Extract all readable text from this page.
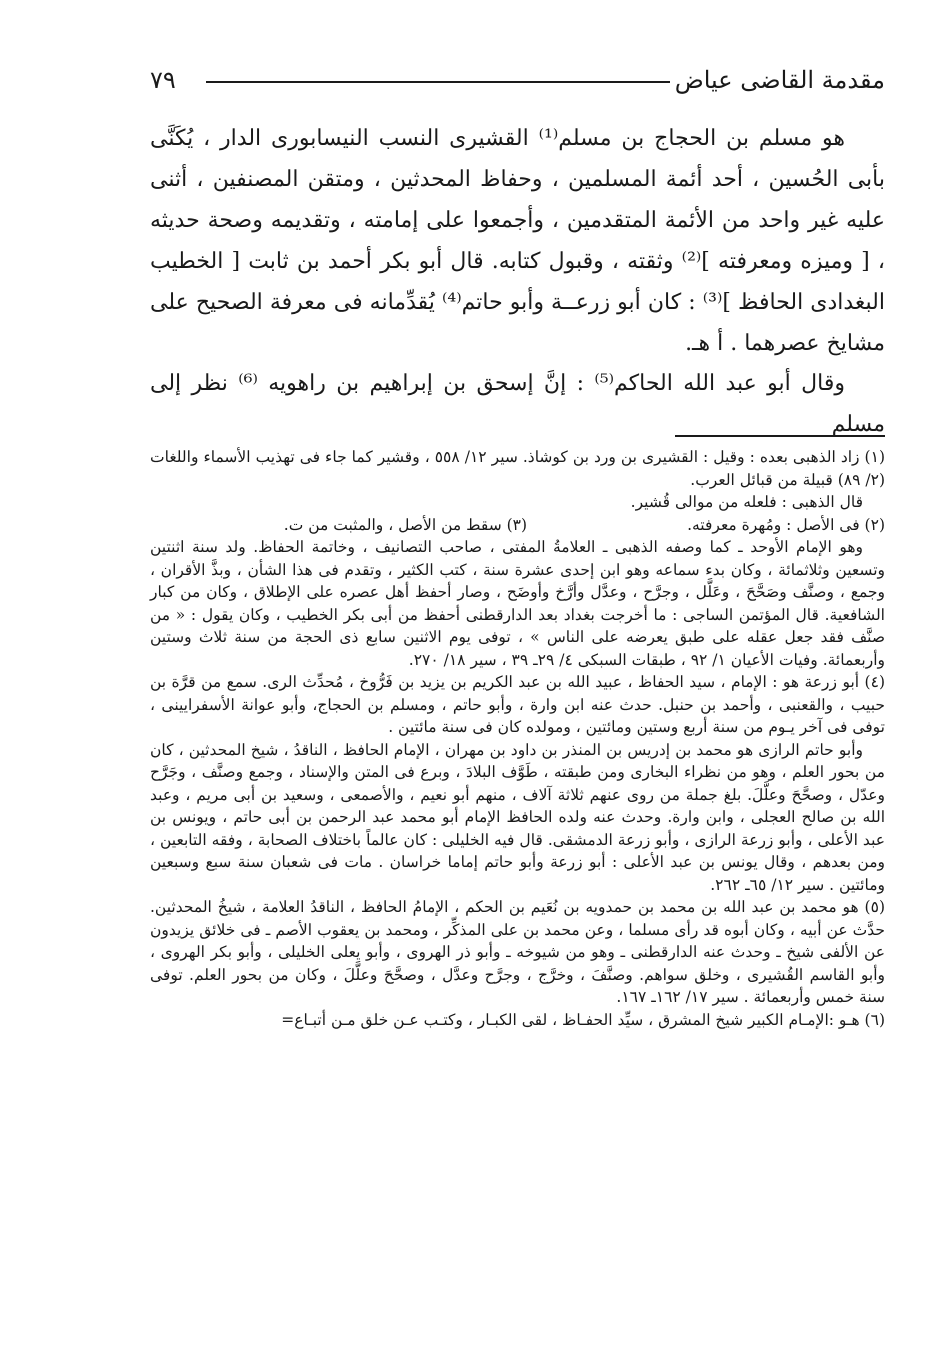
٧٩	مقدمة القاضى عياض

هو مسلم بن الحجاج بن مسلم⁽¹⁾ القشيرى النسب النيسابورى الدار ، يُكَنَّى بأبى الحُسين ، أحد أئمة المسلمين ، وحفاظ المحدثين ، ومتقن المصنفين ، أثنى عليه غير واحد من الأئمة المتقدمين ، وأجمعوا على إمامته ، وتقديمه وصحة حديثه ، [ وميزه ومعرفته ]⁽²⁾ وثقته ، وقبول كتابه. قال أبو بكر أحمد بن ثابت [ الخطيب البغدادى الحافظ ]⁽³⁾ : كان أبو زرعــة وأبو حاتم⁽⁴⁾ يُقدِّمانه فى معرفة الصحيح على مشايخ عصرهما . أ هـ.

وقال أبو عبد الله الحاكم⁽⁵⁾ : إنَّ إسحق بن إبراهيم بن راهويه ⁽⁶⁾ نظر إلى مسلم

(١) زاد الذهبى بعده : وقيل : القشيرى بن ورد بن كوشاذ. سير ١٢/ ٥٥٨ ، وقشير كما جاء فى تهذيب الأسماء واللغات (٢/ ٨٩) قبيلة من قبائل العرب.

قال الذهبى : فلعله من موالى قُشير.

(٢) فى الأصل : ومُهرة معرفته.
(٣) سقط من الأصل ، والمثبت من ت.

وهو الإمام الأوحد ـ كما وصفه الذهبى ـ العلامةُ المفتى ، صاحب التصانيف ، وخاتمة الحفاظ. ولد سنة اثنتين وتسعين وثلاثمائة ، وكان بدء سماعه وهو ابن إحدى عشرة سنة ، كتب الكثير ، وتقدم فى هذا الشأن ، وبذَّ الأقران ، وجمع ، وصنَّف وصَحَّحَ ، وعَلَّل ، وجرَّح ، وعدَّل وأرَّخ وأوضَح ، وصار أحفظ أهل عصره على الإطلاق ، وكان من كبار الشافعية. قال المؤتمن الساجى : ما أخرجت بغداد بعد الدارقطنى أحفظ من أبى بكر الخطيب ، وكان يقول : « من صنَّف فقد جعل عقله على طبق يعرضه على الناس » ، توفى يوم الاثنين سابع ذى الحجة من سنة ثلاث وستين وأربعمائة. وفيات الأعيان ١/ ٩٢ ، طبقات السبكى ٤/ ٢٩ـ ٣٩ ، سير ١٨/ ٢٧٠.

(٤) أبو زرعة هو : الإمام ، سيد الحفاظ ، عبيد الله بن عبد الكريم بن يزيد بن فَرُّوخ ، مُحدِّث الرى. سمع من قرَّة بن حبيب ، والقعنبى ، وأحمد بن حنبل. حدث عنه ابن وارة ، وأبو حاتم ، ومسلم بن الحجاج، وأبو عوانة الأسفرايينى ، توفى فى آخر يـوم من سنة أربع وستين ومائتين ، ومولده كان فى سنة مائتين .

وأبو حاتم الرازى هو محمد بن إدريس بن المنذر بن داود بن مهران ، الإمام الحافظ ، الناقدُ ، شيخ المحدثين ، كان من بحور العلم ، وهو من نظراء البخارى ومن طبقته ، طَوَّف البلادَ ، وبرع فى المتن والإسناد ، وجمع وصنَّف ، وجَرَّح وعدّل ، وصحَّحَ وعلَّلَ. بلغ جملة من روى عنهم ثلاثة آلاف ، منهم أبو نعيم ، والأصمعى ، وسعيد بن أبى مريم ، وعبد الله بن صالح العجلى ، وابن وارة. وحدث عنه ولده الحافظ الإمام أبو محمد عبد الرحمن بن أبى حاتم ، ويونس بن عبد الأعلى ، وأبو زرعة الرازى ، وأبو زرعة الدمشقى. قال فيه الخليلى : كان عالماً باختلاف الصحابة ، وفقه التابعين ، ومن بعدهم ، وقال يونس بن عبد الأعلى : أبو زرعة وأبو حاتم إماما خراسان . مات فى شعبان سنة سبع وسبعين ومائتين . سير ١٢/ ٦٥ـ ٢٦٢.

(٥) هو محمد بن عبد الله بن محمد بن حمدويه بن نُعَيم بن الحكم ، الإمامُ الحافظ ، الناقدُ العلامة ، شيخُ المحدثين. حدَّث عن أبيه ، وكان أبوه قد رأى مسلما ، وعن محمد بن على المذكِّر ، ومحمد بن يعقوب الأصم ـ فى خلائق يزيدون عن الألفى شيخ ـ وحدث عنه الدارقطنى ـ وهو من شيوخه ـ وأبو ذر الهروى ، وأبو يعلى الخليلى ، وأبو بكر الهروى ، وأبو القاسم القُشيرى ، وخلق سواهم. وصنَّفَ ، وخرَّج ، وجرَّح وعدَّل ، وصحَّحَ وعلَّلَ ، وكان من بحور العلم. توفى سنة خمس وأربعمائة . سير ١٧/ ١٦٢ـ ١٦٧.

(٦) هـو :الإمـام الكبير شيخ المشرق ، سيِّد الحفـاظ ، لقى الكبـار ، وكتـب عـن خلق مـن أتبـاع=
